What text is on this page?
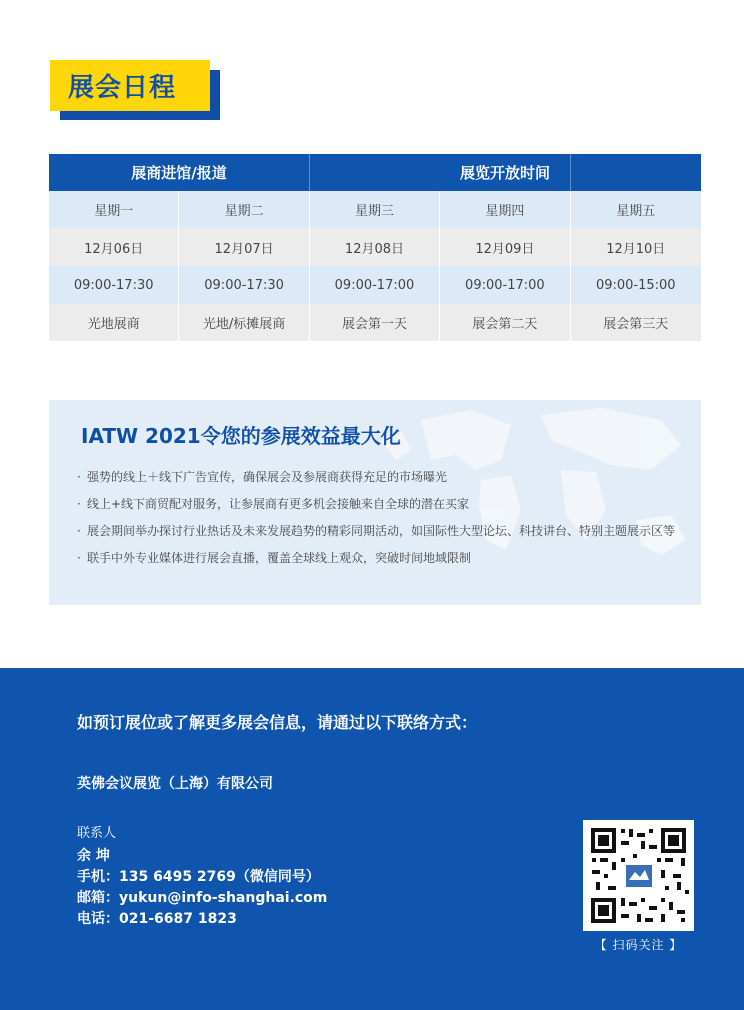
展会日程
展商进馆/报道	展览开放时间
星期一	星期二	星期三	星期四	星期五
12月06日	12月07日	12月08日	12月09日	12月10日
09:00-17:30	09:00-17:30	09:00-17:00	09:00-17:00	09:00-15:00
光地展商	光地/标摊展商	展会第一天	展会第二天	展会第三天
IATW 2021令您的参展效益最大化
· 强势的线上＋线下广告宣传，确保展会及参展商获得充足的市场曝光
· 线上+线下商贸配对服务，让参展商有更多机会接触来自全球的潜在买家
· 展会期间举办探讨行业热话及未来发展趋势的精彩同期活动，如国际性大型论坛、科技讲台、特别主题展示区等
· 联手中外专业媒体进行展会直播，覆盖全球线上观众，突破时间地域限制
如预订展位或了解更多展会信息，请通过以下联络方式：
英佛会议展览（上海）有限公司
联系人
余 坤
手机：135 6495 2769（微信同号）
邮箱：yukun@info-shanghai.com
电话：021-6687 1823
【 扫码关注 】
